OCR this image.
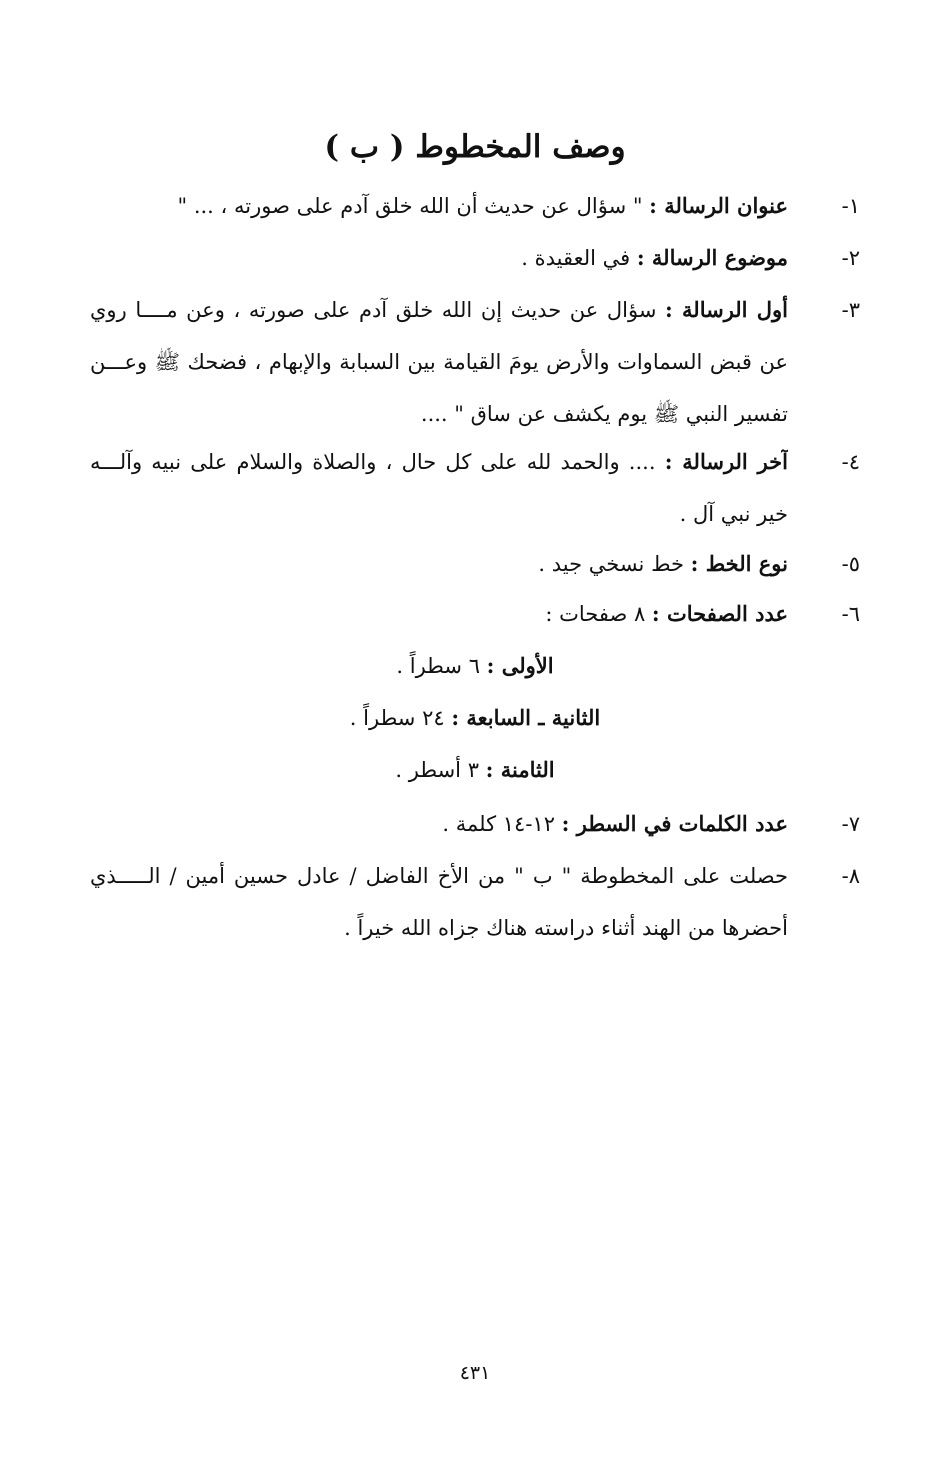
وصف المخطوط ( ب )
١-
عنوان الرسالة : " سؤال عن حديث أن الله خلق آدم على صورته ، ... "
٢-
موضوع الرسالة : في العقيدة .
٣-
أول الرسالة : سؤال عن حديث إن الله خلق آدم على صورته ، وعن مــــا روي
عن قبض السماوات والأرض يومَ القيامة بين السبابة والإبهام ، فضحك ﷺ وعـــن
تفسير النبي ﷺ يوم يكشف عن ساق " ....
٤-
آخر الرسالة : .... والحمد لله على كل حال ، والصلاة والسلام على نبيه وآلـــه
خير نبي آل .
٥-
نوع الخط : خط نسخي جيد .
٦-
عدد الصفحات : ٨ صفحات :
الأولى : ٦ سطراً .
الثانية ـ السابعة : ٢٤ سطراً .
الثامنة : ٣ أسطر .
٧-
عدد الكلمات في السطر : ١٢-١٤ كلمة .
٨-
حصلت على المخطوطة " ب " من الأخ الفاضل / عادل حسين أمين / الـــــذي
أحضرها من الهند أثناء دراسته هناك جزاه الله خيراً .
٤٣١
